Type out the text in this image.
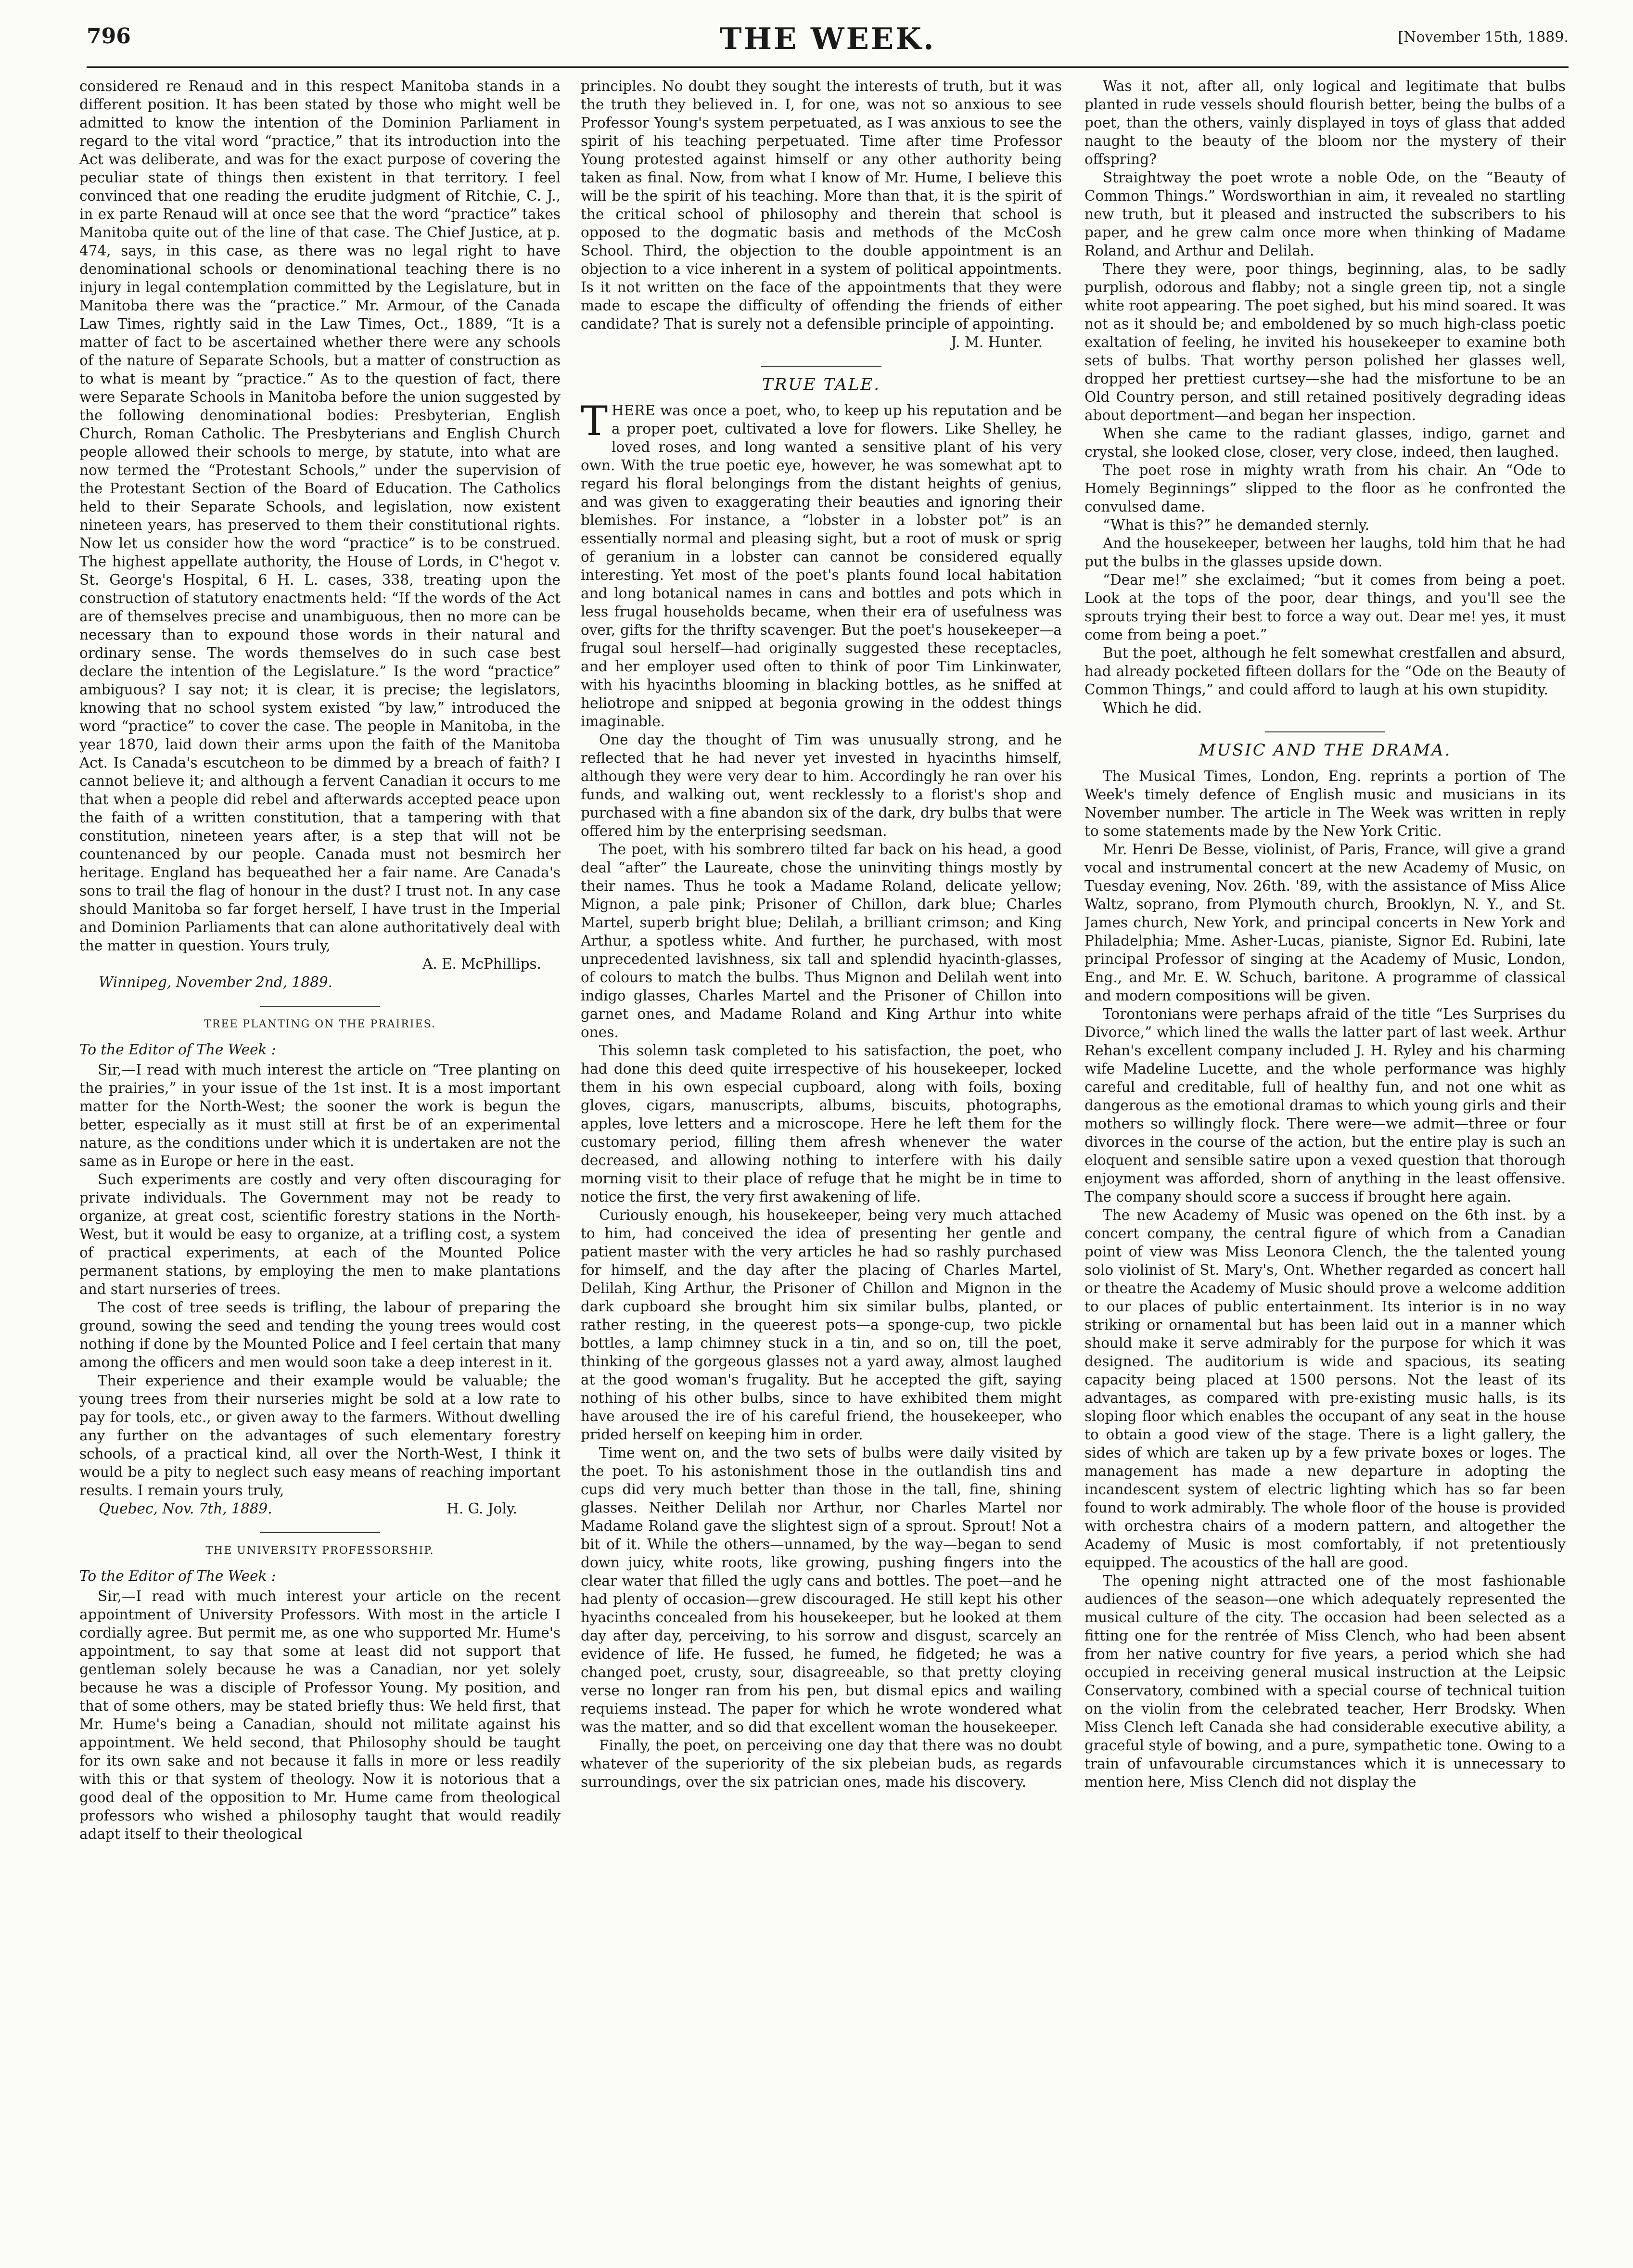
796	THE WEEK.	[November 15th, 1889.

considered re Renaud and in this respect Manitoba stands in a different position. It has been stated by those who might well be admitted to know the intention of the Dominion Parliament in regard to the vital word “practice,” that its introduction into the Act was deliberate, and was for the exact purpose of covering the peculiar state of things then existent in that territory. I feel convinced that one reading the erudite judgment of Ritchie, C. J., in ex parte Renaud will at once see that the word “practice” takes Manitoba quite out of the line of that case. The Chief Justice, at p. 474, says, in this case, as there was no legal right to have denominational schools or denominational teaching there is no injury in legal contemplation committed by the Legislature, but in Manitoba there was the “practice.” Mr. Armour, of the Canada Law Times, rightly said in the Law Times, Oct., 1889, “It is a matter of fact to be ascertained whether there were any schools of the nature of Separate Schools, but a matter of construction as to what is meant by “practice.” As to the question of fact, there were Separate Schools in Manitoba before the union suggested by the following denominational bodies: Presbyterian, English Church, Roman Catholic. The Presbyterians and English Church people allowed their schools to merge, by statute, into what are now termed the “Protestant Schools,” under the supervision of the Protestant Section of the Board of Education. The Catholics held to their Separate Schools, and legislation, now existent nineteen years, has preserved to them their constitutional rights. Now let us consider how the word “practice” is to be construed. The highest appellate authority, the House of Lords, in C'hegot v. St. George's Hospital, 6 H. L. cases, 338, treating upon the construction of statutory enactments held: “If the words of the Act are of themselves precise and unambiguous, then no more can be necessary than to expound those words in their natural and ordinary sense. The words themselves do in such case best declare the intention of the Legislature.” Is the word “practice” ambiguous? I say not; it is clear, it is precise; the legislators, knowing that no school system existed “by law,” introduced the word “practice” to cover the case. The people in Manitoba, in the year 1870, laid down their arms upon the faith of the Manitoba Act. Is Canada's escutcheon to be dimmed by a breach of faith? I cannot believe it; and although a fervent Canadian it occurs to me that when a people did rebel and afterwards accepted peace upon the faith of a written constitution, that a tampering with that constitution, nineteen years after, is a step that will not be countenanced by our people. Canada must not besmirch her heritage. England has bequeathed her a fair name. Are Canada's sons to trail the flag of honour in the dust? I trust not. In any case should Manitoba so far forget herself, I have trust in the Imperial and Dominion Parliaments that can alone authoritatively deal with the matter in question. Yours truly,

A. E. McPhillips.

Winnipeg, November 2nd, 1889.

TREE PLANTING ON THE PRAIRIES.
To the Editor of The Week :

Sir,—I read with much interest the article on “Tree planting on the prairies,” in your issue of the 1st inst. It is a most important matter for the North-West; the sooner the work is begun the better, especially as it must still at first be of an experimental nature, as the conditions under which it is undertaken are not the same as in Europe or here in the east.

Such experiments are costly and very often discouraging for private individuals. The Government may not be ready to organize, at great cost, scientific forestry stations in the North-West, but it would be easy to organize, at a trifling cost, a system of practical experiments, at each of the Mounted Police permanent stations, by employing the men to make plantations and start nurseries of trees.

The cost of tree seeds is trifling, the labour of preparing the ground, sowing the seed and tending the young trees would cost nothing if done by the Mounted Police and I feel certain that many among the officers and men would soon take a deep interest in it.

Their experience and their example would be valuable; the young trees from their nurseries might be sold at a low rate to pay for tools, etc., or given away to the farmers. Without dwelling any further on the advantages of such elementary forestry schools, of a practical kind, all over the North-West, I think it would be a pity to neglect such easy means of reaching important results. I remain yours truly,

Quebec, Nov. 7th, 1889.	H. G. Joly.
THE UNIVERSITY PROFESSORSHIP.
To the Editor of The Week :

Sir,—I read with much interest your article on the recent appointment of University Professors. With most in the article I cordially agree. But permit me, as one who supported Mr. Hume's appointment, to say that some at least did not support that gentleman solely because he was a Canadian, nor yet solely because he was a disciple of Professor Young. My position, and that of some others, may be stated briefly thus: We held first, that Mr. Hume's being a Canadian, should not militate against his appointment. We held second, that Philosophy should be taught for its own sake and not because it falls in more or less readily with this or that system of theology. Now it is notorious that a good deal of the opposition to Mr. Hume came from theological professors who wished a philosophy taught that would readily adapt itself to their theological

principles. No doubt they sought the interests of truth, but it was the truth they believed in. I, for one, was not so anxious to see Professor Young's system perpetuated, as I was anxious to see the spirit of his teaching perpetuated. Time after time Professor Young protested against himself or any other authority being taken as final. Now, from what I know of Mr. Hume, I believe this will be the spirit of his teaching. More than that, it is the spirit of the critical school of philosophy and therein that school is opposed to the dogmatic basis and methods of the McCosh School. Third, the objection to the double appointment is an objection to a vice inherent in a system of political appointments. Is it not written on the face of the appointments that they were made to escape the difficulty of offending the friends of either candidate? That is surely not a defensible principle of appointing.

J. M. Hunter.

TRUE TALE.

THERE was once a poet, who, to keep up his reputation and be a proper poet, cultivated a love for flowers. Like Shelley, he loved roses, and long wanted a sensitive plant of his very own. With the true poetic eye, however, he was somewhat apt to regard his floral belongings from the distant heights of genius, and was given to exaggerating their beauties and ignoring their blemishes. For instance, a “lobster in a lobster pot” is an essentially normal and pleasing sight, but a root of musk or sprig of geranium in a lobster can cannot be considered equally interesting. Yet most of the poet's plants found local habitation and long botanical names in cans and bottles and pots which in less frugal households became, when their era of usefulness was over, gifts for the thrifty scavenger. But the poet's housekeeper—a frugal soul herself—had originally suggested these receptacles, and her employer used often to think of poor Tim Linkinwater, with his hyacinths blooming in blacking bottles, as he sniffed at heliotrope and snipped at begonia growing in the oddest things imaginable.

One day the thought of Tim was unusually strong, and he reflected that he had never yet invested in hyacinths himself, although they were very dear to him. Accordingly he ran over his funds, and walking out, went recklessly to a florist's shop and purchased with a fine abandon six of the dark, dry bulbs that were offered him by the enterprising seedsman.

The poet, with his sombrero tilted far back on his head, a good deal “after” the Laureate, chose the uninviting things mostly by their names. Thus he took a Madame Roland, delicate yellow; Mignon, a pale pink; Prisoner of Chillon, dark blue; Charles Martel, superb bright blue; Delilah, a brilliant crimson; and King Arthur, a spotless white. And further, he purchased, with most unprecedented lavishness, six tall and splendid hyacinth-glasses, of colours to match the bulbs. Thus Mignon and Delilah went into indigo glasses, Charles Martel and the Prisoner of Chillon into garnet ones, and Madame Roland and King Arthur into white ones.

This solemn task completed to his satisfaction, the poet, who had done this deed quite irrespective of his housekeeper, locked them in his own especial cupboard, along with foils, boxing gloves, cigars, manuscripts, albums, biscuits, photographs, apples, love letters and a microscope. Here he left them for the customary period, filling them afresh whenever the water decreased, and allowing nothing to interfere with his daily morning visit to their place of refuge that he might be in time to notice the first, the very first awakening of life.

Curiously enough, his housekeeper, being very much attached to him, had conceived the idea of presenting her gentle and patient master with the very articles he had so rashly purchased for himself, and the day after the placing of Charles Martel, Delilah, King Arthur, the Prisoner of Chillon and Mignon in the dark cupboard she brought him six similar bulbs, planted, or rather resting, in the queerest pots—a sponge-cup, two pickle bottles, a lamp chimney stuck in a tin, and so on, till the poet, thinking of the gorgeous glasses not a yard away, almost laughed at the good woman's frugality. But he accepted the gift, saying nothing of his other bulbs, since to have exhibited them might have aroused the ire of his careful friend, the housekeeper, who prided herself on keeping him in order.

Time went on, and the two sets of bulbs were daily visited by the poet. To his astonishment those in the outlandish tins and cups did very much better than those in the tall, fine, shining glasses. Neither Delilah nor Arthur, nor Charles Martel nor Madame Roland gave the slightest sign of a sprout. Sprout! Not a bit of it. While the others—unnamed, by the way—began to send down juicy, white roots, like growing, pushing fingers into the clear water that filled the ugly cans and bottles. The poet—and he had plenty of occasion—grew discouraged. He still kept his other hyacinths concealed from his housekeeper, but he looked at them day after day, perceiving, to his sorrow and disgust, scarcely an evidence of life. He fussed, he fumed, he fidgeted; he was a changed poet, crusty, sour, disagreeable, so that pretty cloying verse no longer ran from his pen, but dismal epics and wailing requiems instead. The paper for which he wrote wondered what was the matter, and so did that excellent woman the housekeeper.

Finally, the poet, on perceiving one day that there was no doubt whatever of the superiority of the six plebeian buds, as regards surroundings, over the six patrician ones, made his discovery.

Was it not, after all, only logical and legitimate that bulbs planted in rude vessels should flourish better, being the bulbs of a poet, than the others, vainly displayed in toys of glass that added naught to the beauty of the bloom nor the mystery of their offspring?

Straightway the poet wrote a noble Ode, on the “Beauty of Common Things.” Wordsworthian in aim, it revealed no startling new truth, but it pleased and instructed the subscribers to his paper, and he grew calm once more when thinking of Madame Roland, and Arthur and Delilah.

There they were, poor things, beginning, alas, to be sadly purplish, odorous and flabby; not a single green tip, not a single white root appearing. The poet sighed, but his mind soared. It was not as it should be; and emboldened by so much high-class poetic exaltation of feeling, he invited his housekeeper to examine both sets of bulbs. That worthy person polished her glasses well, dropped her prettiest curtsey—she had the misfortune to be an Old Country person, and still retained positively degrading ideas about deportment—and began her inspection.

When she came to the radiant glasses, indigo, garnet and crystal, she looked close, closer, very close, indeed, then laughed.

The poet rose in mighty wrath from his chair. An “Ode to Homely Beginnings” slipped to the floor as he confronted the convulsed dame.

“What is this?” he demanded sternly.

And the housekeeper, between her laughs, told him that he had put the bulbs in the glasses upside down.

“Dear me!” she exclaimed; “but it comes from being a poet. Look at the tops of the poor, dear things, and you'll see the sprouts trying their best to force a way out. Dear me! yes, it must come from being a poet.”

But the poet, although he felt somewhat crestfallen and absurd, had already pocketed fifteen dollars for the “Ode on the Beauty of Common Things,” and could afford to laugh at his own stupidity.

Which he did.

MUSIC AND THE DRAMA.

The Musical Times, London, Eng. reprints a portion of The Week's timely defence of English music and musicians in its November number. The article in The Week was written in reply to some statements made by the New York Critic.

Mr. Henri De Besse, violinist, of Paris, France, will give a grand vocal and instrumental concert at the new Academy of Music, on Tuesday evening, Nov. 26th. '89, with the assistance of Miss Alice Waltz, soprano, from Plymouth church, Brooklyn, N. Y., and St. James church, New York, and principal concerts in New York and Philadelphia; Mme. Asher-Lucas, pianiste, Signor Ed. Rubini, late principal Professor of singing at the Academy of Music, London, Eng., and Mr. E. W. Schuch, baritone. A programme of classical and modern compositions will be given.

Torontonians were perhaps afraid of the title “Les Surprises du Divorce,” which lined the walls the latter part of last week. Arthur Rehan's excellent company included J. H. Ryley and his charming wife Madeline Lucette, and the whole performance was highly careful and creditable, full of healthy fun, and not one whit as dangerous as the emotional dramas to which young girls and their mothers so willingly flock. There were—we admit—three or four divorces in the course of the action, but the entire play is such an eloquent and sensible satire upon a vexed question that thorough enjoyment was afforded, shorn of anything in the least offensive. The company should score a success if brought here again.

The new Academy of Music was opened on the 6th inst. by a concert company, the central figure of which from a Canadian point of view was Miss Leonora Clench, the the talented young solo violinist of St. Mary's, Ont. Whether regarded as concert hall or theatre the Academy of Music should prove a welcome addition to our places of public entertainment. Its interior is in no way striking or ornamental but has been laid out in a manner which should make it serve admirably for the purpose for which it was designed. The auditorium is wide and spacious, its seating capacity being placed at 1500 persons. Not the least of its advantages, as compared with pre-existing music halls, is its sloping floor which enables the occupant of any seat in the house to obtain a good view of the stage. There is a light gallery, the sides of which are taken up by a few private boxes or loges. The management has made a new departure in adopting the incandescent system of electric lighting which has so far been found to work admirably. The whole floor of the house is provided with orchestra chairs of a modern pattern, and altogether the Academy of Music is most comfortably, if not pretentiously equipped. The acoustics of the hall are good.

The opening night attracted one of the most fashionable audiences of the season—one which adequately represented the musical culture of the city. The occasion had been selected as a fitting one for the rentrée of Miss Clench, who had been absent from her native country for five years, a period which she had occupied in receiving general musical instruction at the Leipsic Conservatory, combined with a special course of technical tuition on the violin from the celebrated teacher, Herr Brodsky. When Miss Clench left Canada she had considerable executive ability, a graceful style of bowing, and a pure, sympathetic tone. Owing to a train of unfavourable circumstances which it is unnecessary to mention here, Miss Clench did not display the
